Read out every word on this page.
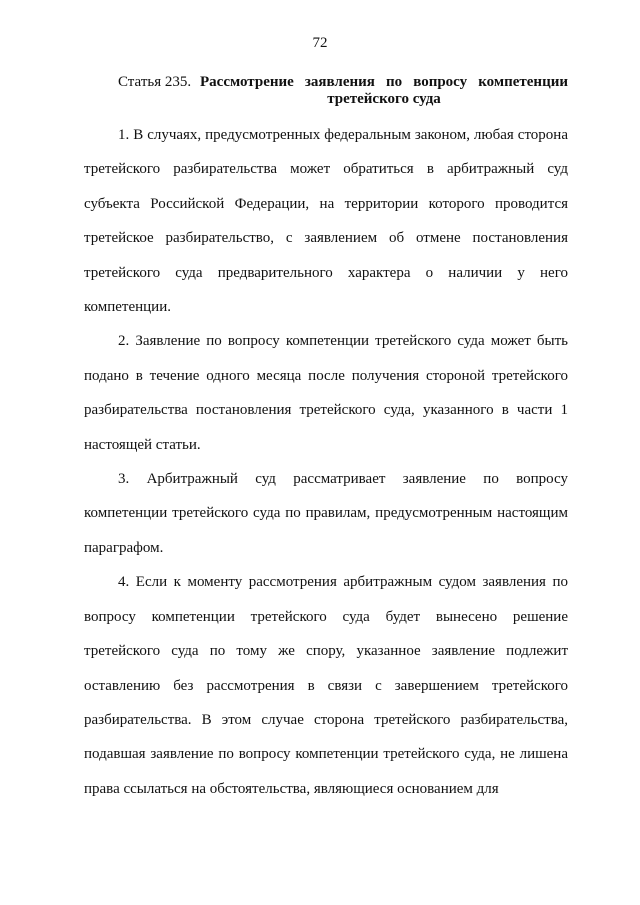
72
Статья 235. Рассмотрение заявления по вопросу компетенции третейского суда

1. В случаях, предусмотренных федеральным законом, любая сторона третейского разбирательства может обратиться в арбитражный суд субъекта Российской Федерации, на территории которого проводится третейское разбирательство, с заявлением об отмене постановления третейского суда предварительного характера о наличии у него компетенции.

2. Заявление по вопросу компетенции третейского суда может быть подано в течение одного месяца после получения стороной третейского разбирательства постановления третейского суда, указанного в части 1 настоящей статьи.

3. Арбитражный суд рассматривает заявление по вопросу компетенции третейского суда по правилам, предусмотренным настоящим параграфом.

4. Если к моменту рассмотрения арбитражным судом заявления по вопросу компетенции третейского суда будет вынесено решение третейского суда по тому же спору, указанное заявление подлежит оставлению без рассмотрения в связи с завершением третейского разбирательства. В этом случае сторона третейского разбирательства, подавшая заявление по вопросу компетенции третейского суда, не лишена права ссылаться на обстоятельства, являющиеся основанием для
